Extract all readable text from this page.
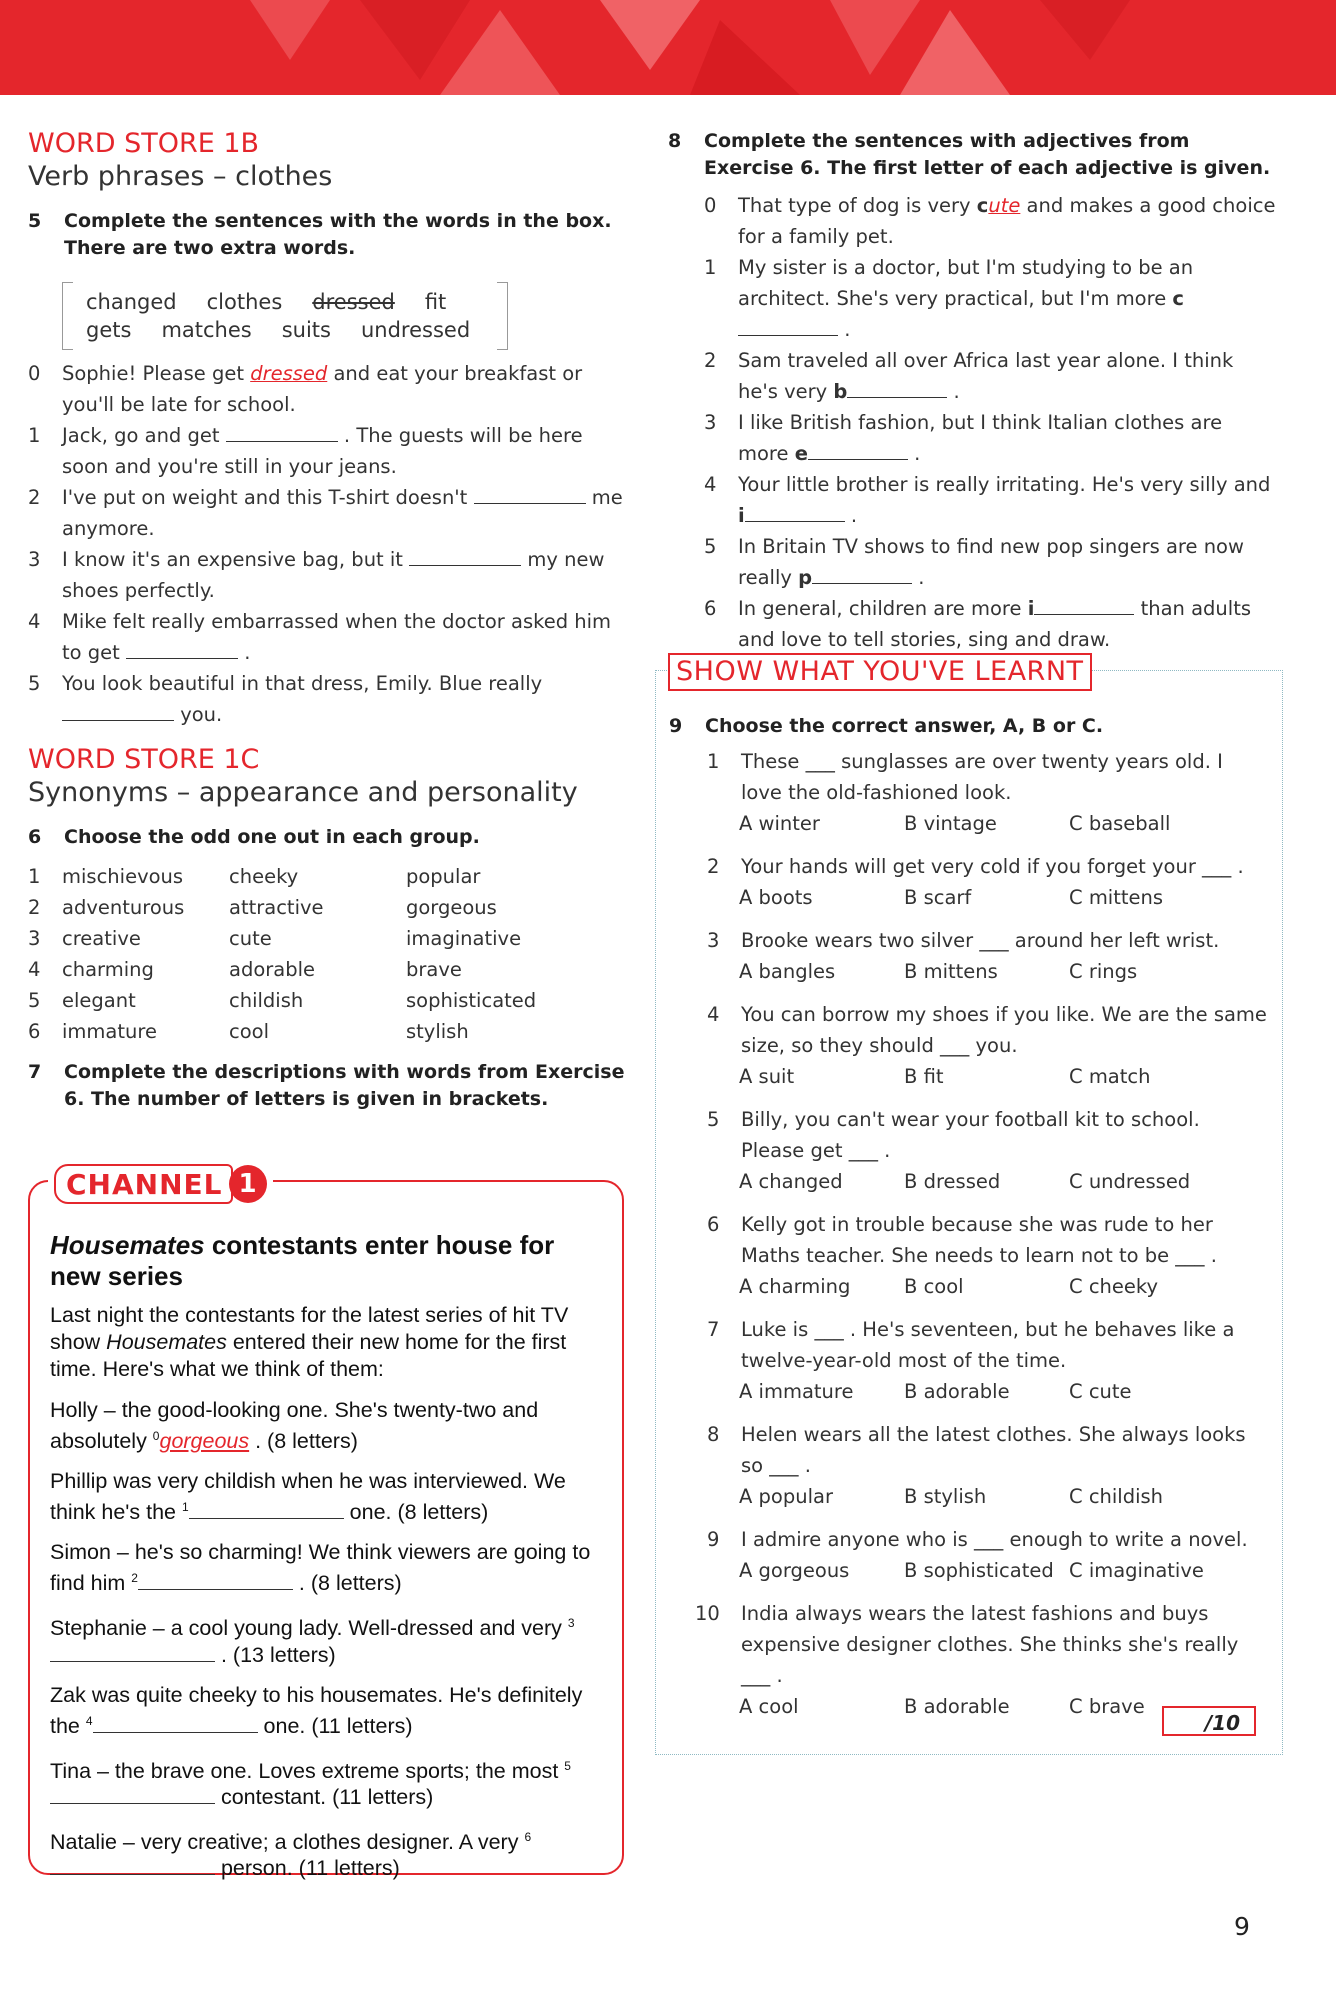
WORD STORE 1B
Verb phrases – clothes
5	Complete the sentences with the words in the box. There are two extra words.
changed clothes dressed fit
gets matches suits undressed
0	Sophie! Please get dressed and eat your breakfast or you'll be late for school.
1	Jack, go and get	. The guests will be here soon and you're still in your jeans.
2	I've put on weight and this T-shirt doesn't	me anymore.
3	I know it's an expensive bag, but it	my new shoes perfectly.
4	Mike felt really embarrassed when the doctor asked him to get	.
5	You look beautiful in that dress, Emily. Blue really  you.
WORD STORE 1C
Synonyms – appearance and personality
6	Choose the odd one out in each group.
1	mischievous	cheeky	popular
2	adventurous	attractive	gorgeous
3	creative	cute	imaginative
4	charming	adorable	brave
5	elegant	childish	sophisticated
6	immature	cool	stylish
7	Complete the descriptions with words from Exercise 6. The number of letters is given in brackets.
CHANNEL 1
Housemates contestants enter house for new series
Last night the contestants for the latest series of hit TV show Housemates entered their new home for the first time. Here's what we think of them:
Holly – the good-looking one. She's twenty-two and absolutely $^0$gorgeous . (8 letters)
Phillip was very childish when he was interviewed. We think he's the $^1$	one. (8 letters)
Simon – he's so charming! We think viewers are going to find him $^2$	. (8 letters)
Stephanie – a cool young lady. Well-dressed and very $^3$ . (13 letters)
Zak was quite cheeky to his housemates. He's definitely the $^4$	one. (11 letters)
Tina – the brave one. Loves extreme sports; the most $^5$ contestant. (11 letters)
Natalie – very creative; a clothes designer. A very $^6$ person. (11 letters)
8	Complete the sentences with adjectives from Exercise 6. The first letter of each adjective is given.
0	That type of dog is very cute and makes a good choice for a family pet.
1	My sister is a doctor, but I'm studying to be an architect. She's very practical, but I'm more c .
2	Sam traveled all over Africa last year alone. I think he's very b	.
3	I like British fashion, but I think Italian clothes are more e	.
4	Your little brother is really irritating. He's very silly and i	.
5	In Britain TV shows to find new pop singers are now really p	.
6	In general, children are more i	than adults and love to tell stories, sing and draw.
SHOW WHAT YOU'VE LEARNT
9	Choose the correct answer, A, B or C.
1	These ___ sunglasses are over twenty years old. I love the old-fashioned look.
A winter	B vintage	C baseball
2	Your hands will get very cold if you forget your ___ .
A boots	B scarf	C mittens
3	Brooke wears two silver ___ around her left wrist.
A bangles	B mittens	C rings
4	You can borrow my shoes if you like. We are the same size, so they should ___ you.
A suit	B fit	C match
5	Billy, you can't wear your football kit to school. Please get ___ .
A changed	B dressed	C undressed
6	Kelly got in trouble because she was rude to her Maths teacher. She needs to learn not to be ___ .
A charming	B cool	C cheeky
7	Luke is ___ . He's seventeen, but he behaves like a twelve-year-old most of the time.
A immature	B adorable	C cute
8	Helen wears all the latest clothes. She always looks so ___ .
A popular	B stylish	C childish
9	I admire anyone who is ___ enough to write a novel.
A gorgeous	B sophisticated C imaginative
10	India always wears the latest fashions and buys expensive designer clothes. She thinks she's really ___ .
A cool	B adorable	C brave
/10
9
